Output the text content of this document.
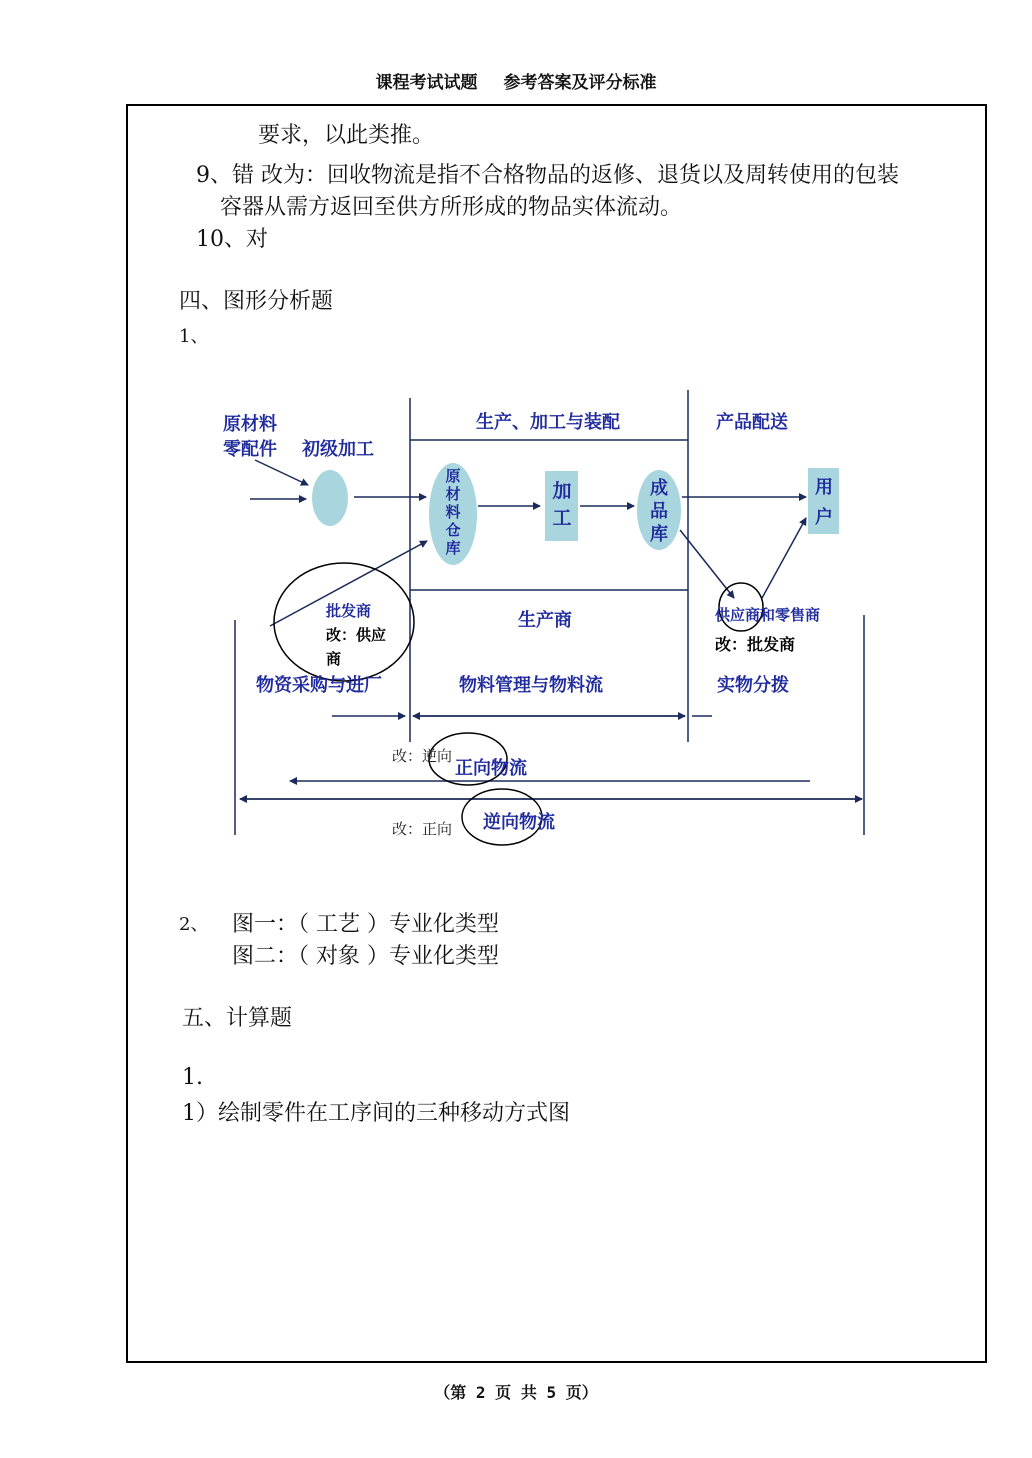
课程考试试题 参考答案及评分标准
要求，以此类推。
9、错 改为：回收物流是指不合格物品的返修、退货以及周转使用的包装
容器从需方返回至供方所形成的物品实体流动。
10、对
四、图形分析题
1、
原材料
零配件 初级加工
生产、加工与装配	产品配送
原
材
料
仓
库
加
工
成
品
库
用
户
批发商
改：供应
商
生产商	供应商和零售商
改：批发商
物资采购与进厂	物料管理与物料流	实物分拨
改：逆向
正向物流
改：正向 逆向物流
2、 图一：（ 工艺 ）专业化类型
图二：（ 对象 ）专业化类型
五、计算题
1.
1）绘制零件在工序间的三种移动方式图
（第 2 页 共 5 页）
